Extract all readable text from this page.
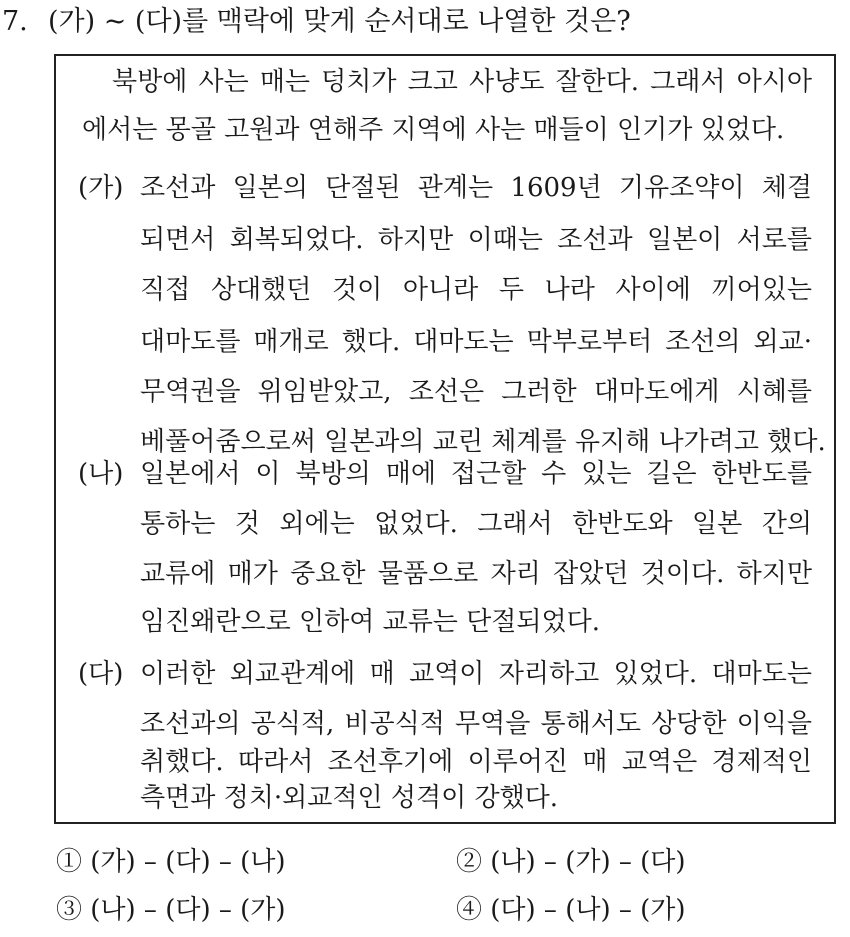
7. (가) ~ (다)를 맥락에 맞게 순서대로 나열한 것은?
북방에 사는 매는 덩치가 크고 사냥도 잘한다. 그래서 아시아
에서는 몽골 고원과 연해주 지역에 사는 매들이 인기가 있었다.
(가) 조선과 일본의 단절된 관계는 1609년 기유조약이 체결
되면서 회복되었다. 하지만 이때는 조선과 일본이 서로를
직접 상대했던 것이 아니라 두 나라 사이에 끼어있는
대마도를 매개로 했다. 대마도는 막부로부터 조선의 외교·
무역권을 위임받았고, 조선은 그러한 대마도에게 시혜를
베풀어줌으로써 일본과의 교린 체계를 유지해 나가려고 했다.
(나) 일본에서 이 북방의 매에 접근할 수 있는 길은 한반도를
통하는 것 외에는 없었다. 그래서 한반도와 일본 간의
교류에 매가 중요한 물품으로 자리 잡았던 것이다. 하지만
임진왜란으로 인하여 교류는 단절되었다.
(다) 이러한 외교관계에 매 교역이 자리하고 있었다. 대마도는
조선과의 공식적, 비공식적 무역을 통해서도 상당한 이익을
취했다. 따라서 조선후기에 이루어진 매 교역은 경제적인
측면과 정치·외교적인 성격이 강했다.
① (가) – (다) – (나)	② (나) – (가) – (다)
③ (나) – (다) – (가)	④ (다) – (나) – (가)
